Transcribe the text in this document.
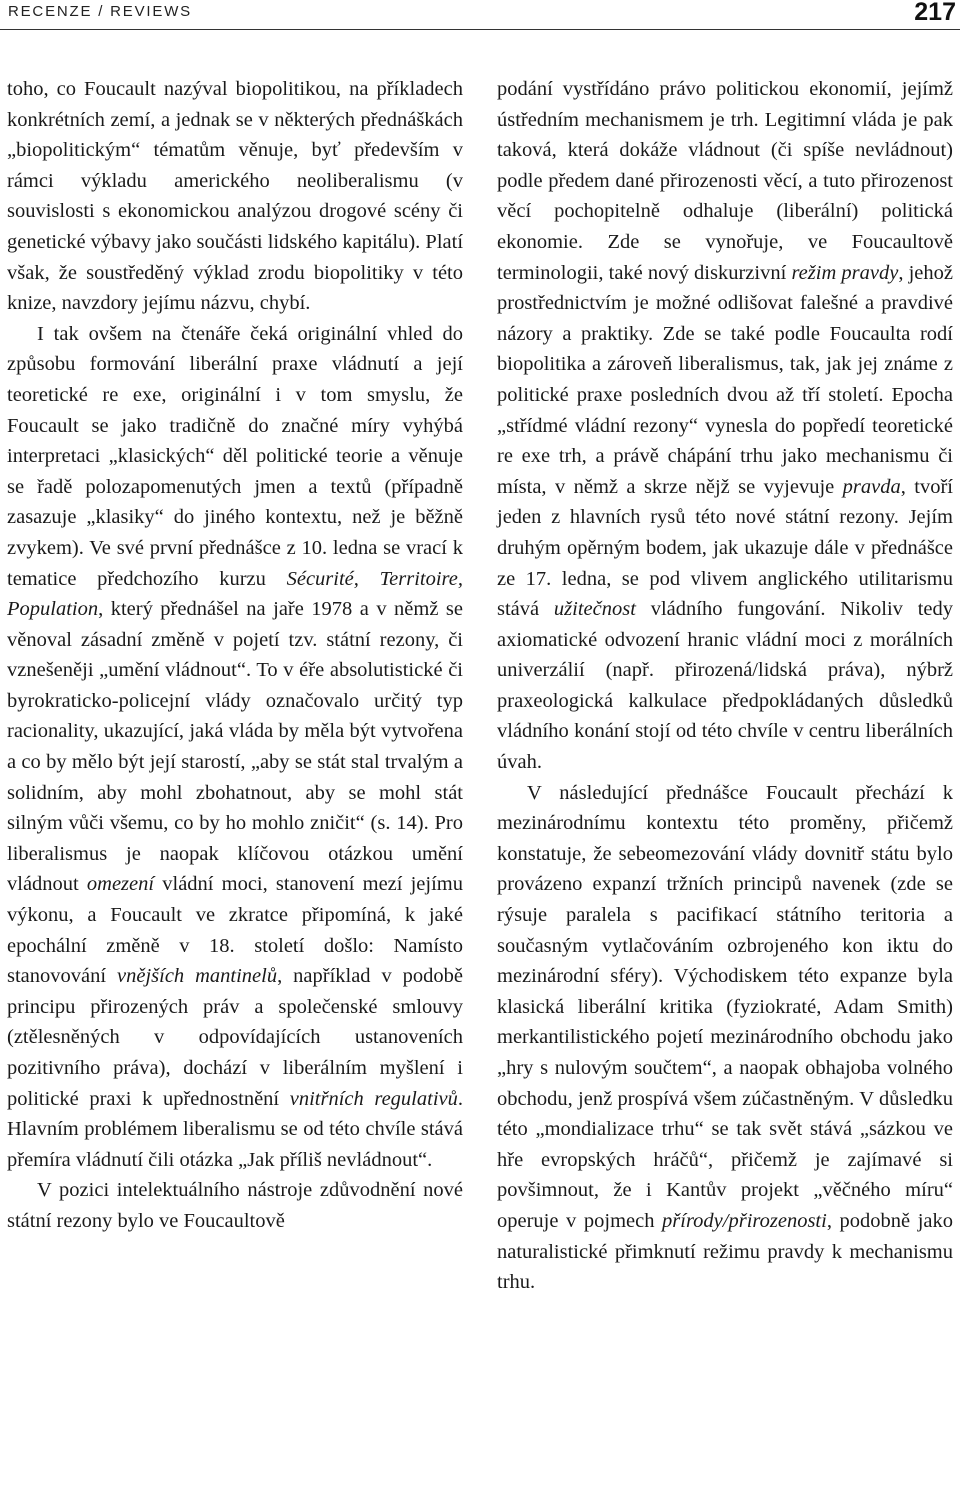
RECENZE / REVIEWS	217

toho, co Foucault nazýval biopolitikou, na příkladech konkrétních zemí, a jednak se v některých přednáškách „biopolitickým“ tématům věnuje, byť především v rámci výkladu amerického neoliberalismu (v souvislosti s ekonomickou analýzou drogové scény či genetické výbavy jako součásti lidského kapitálu). Platí však, že soustředěný výklad zrodu biopolitiky v této knize, navzdory jejímu názvu, chybí.

I tak ovšem na čtenáře čeká originální vhled do způsobu formování liberální praxe vládnutí a její teoretické re exe, originální i v tom smyslu, že Foucault se jako tradičně do značné míry vyhýbá interpretaci „klasických“ děl politické teorie a věnuje se řadě polozapomenutých jmen a textů (případně zasazuje „klasiky“ do jiného kontextu, než je běžně zvykem). Ve své první přednášce z 10. ledna se vrací k tematice předchozího kurzu Sécurité, Territoire, Population, který přednášel na jaře 1978 a v němž se věnoval zásadní změně v pojetí tzv. státní rezony, či vznešeněji „umění vládnout“. To v éře absolutistické či byrokraticko-policejní vlády označovalo určitý typ racionality, ukazující, jaká vláda by měla být vytvořena a co by mělo být její starostí, „aby se stát stal trvalým a solidním, aby mohl zbohatnout, aby se mohl stát silným vůči všemu, co by ho mohlo zničit“ (s. 14). Pro liberalismus je naopak klíčovou otázkou umění vládnout omezení vládní moci, stanovení mezí jejímu výkonu, a Foucault ve zkratce připomíná, k jaké epochální změně v 18. století došlo: Namísto stanovování vnějších mantinelů, například v podobě principu přirozených práv a společenské smlouvy (ztělesněných v odpovídajících ustanoveních pozitivního práva), dochází v liberálním myšlení i politické praxi k upřednostnění vnitřních regulativů. Hlavním problémem liberalismu se od této chvíle stává přemíra vládnutí čili otázka „Jak příliš nevládnout“.

V pozici intelektuálního nástroje zdůvodnění nové státní rezony bylo ve Foucaultově

podání vystřídáno právo politickou ekonomií, jejímž ústředním mechanismem je trh. Legitimní vláda je pak taková, která dokáže vládnout (či spíše nevládnout) podle předem dané přirozenosti věcí, a tuto přirozenost věcí pochopitelně odhaluje (liberální) politická ekonomie. Zde se vynořuje, ve Foucaultově terminologii, také nový diskurzivní režim pravdy, jehož prostřednictvím je možné odlišovat falešné a pravdivé názory a praktiky. Zde se také podle Foucaulta rodí biopolitika a zároveň liberalismus, tak, jak jej známe z politické praxe posledních dvou až tří století. Epocha „střídmé vládní rezony“ vynesla do popředí teoretické re exe trh, a právě chápání trhu jako mechanismu či místa, v němž a skrze nějž se vyjevuje pravda, tvoří jeden z hlavních rysů této nové státní rezony. Jejím druhým opěrným bodem, jak ukazuje dále v přednášce ze 17. ledna, se pod vlivem anglického utilitarismu stává užitečnost vládního fungování. Nikoliv tedy axiomatické odvození hranic vládní moci z morálních univerzálií (např. přirozená/lidská práva), nýbrž praxeologická kalkulace předpokládaných důsledků vládního konání stojí od této chvíle v centru liberálních úvah.

V následující přednášce Foucault přechází k mezinárodnímu kontextu této proměny, přičemž konstatuje, že sebeomezování vlády dovnitř státu bylo provázeno expanzí tržních principů navenek (zde se rýsuje paralela s pacifikací státního teritoria a současným vytlačováním ozbrojeného kon iktu do mezinárodní sféry). Východiskem této expanze byla klasická liberální kritika (fyziokraté, Adam Smith) merkantilistického pojetí mezinárodního obchodu jako „hry s nulovým součtem“, a naopak obhajoba volného obchodu, jenž prospívá všem zúčastněným. V důsledku této „mondializace trhu“ se tak svět stává „sázkou ve hře evropských hráčů“, přičemž je zajímavé si povšimnout, že i Kantův projekt „věčného míru“ operuje v pojmech přírody/přirozenosti, podobně jako naturalistické přimknutí režimu pravdy k mechanismu trhu.
